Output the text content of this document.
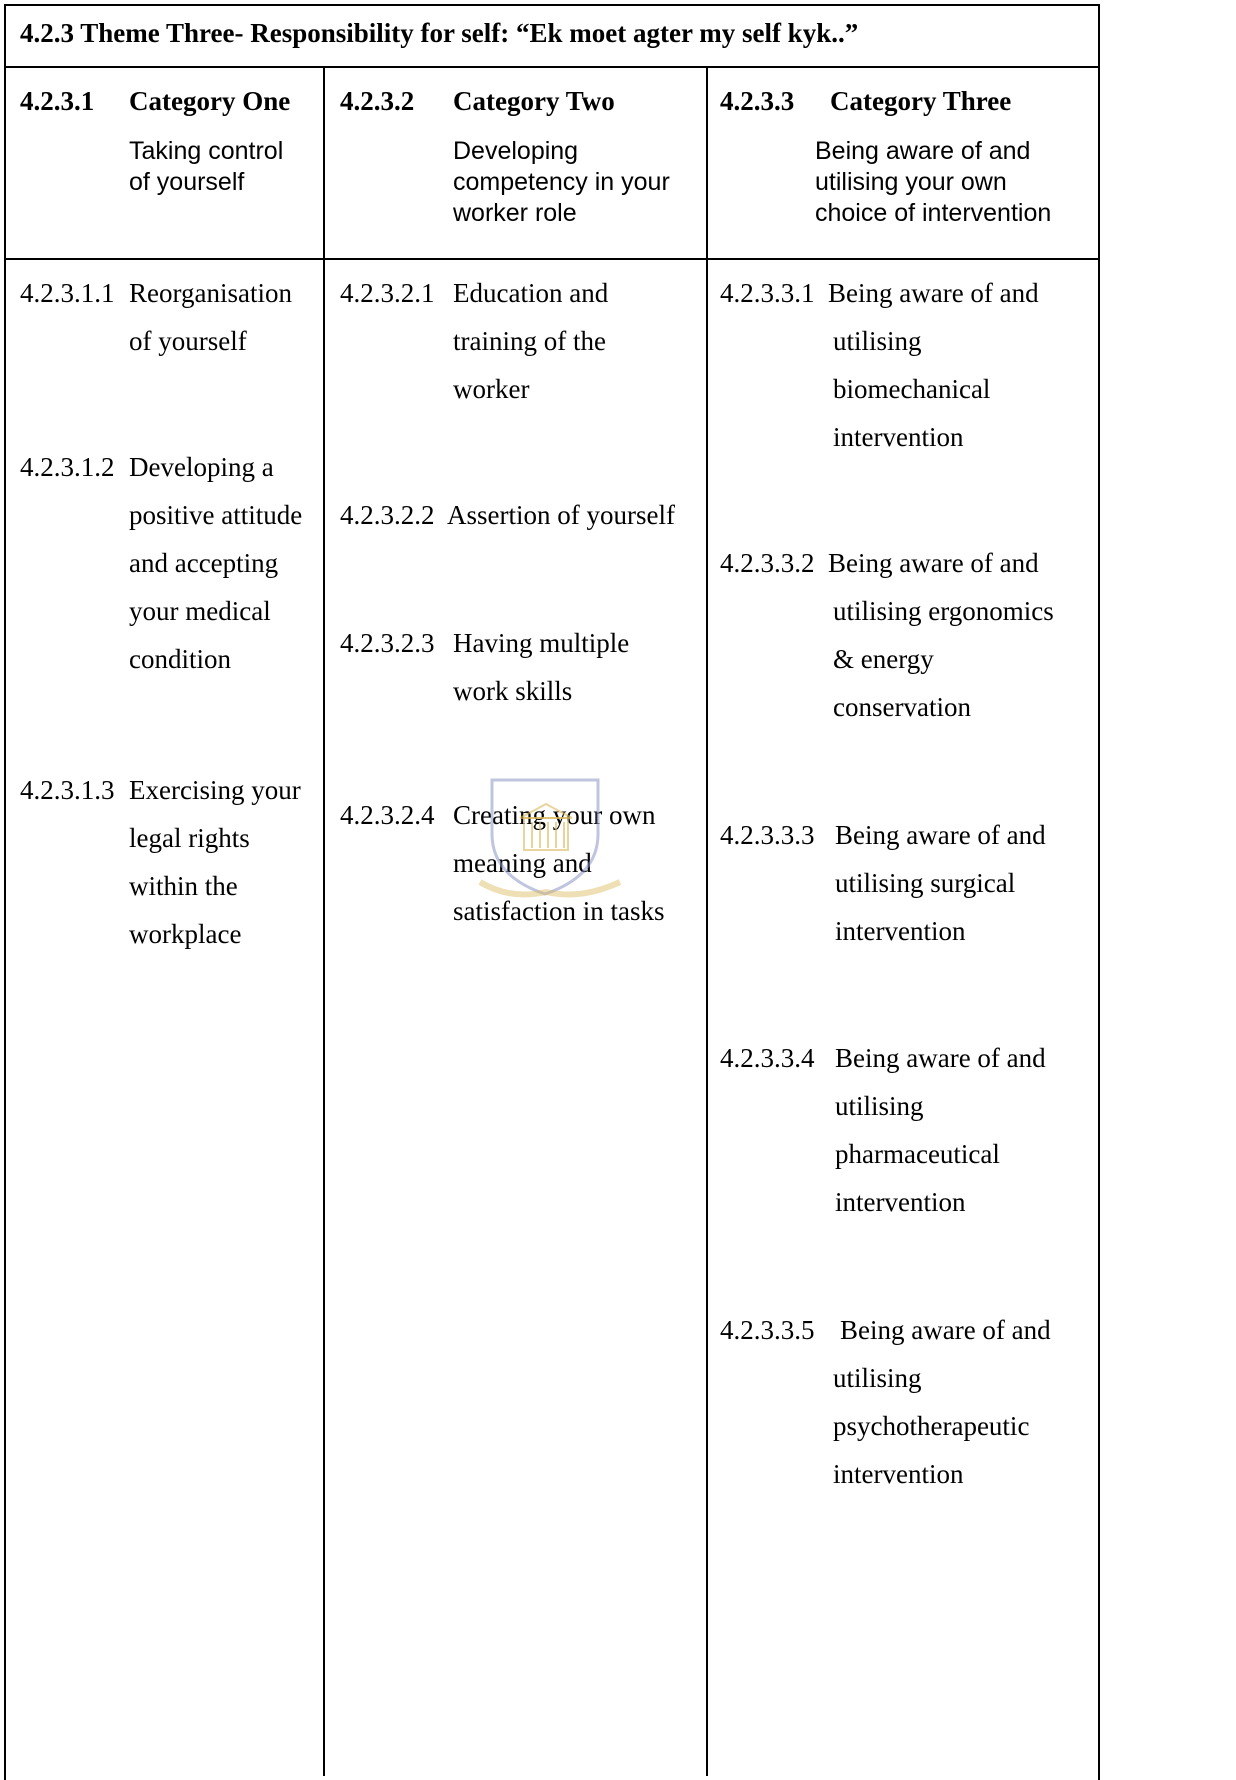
4.2.3 Theme Three- Responsibility for self: “Ek moet agter my self kyk..”
4.2.3.1 Category One
Taking control
of yourself
4.2.3.2 Category Two
Developing
competency in your
worker role
4.2.3.3 Category Three
Being aware of and
utilising your own
choice of intervention
4.2.3.1.1 Reorganisation
of yourself
4.2.3.1.2 Developing a
positive attitude
and accepting
your medical
condition
4.2.3.1.3 Exercising your
legal rights
within the
workplace
4.2.3.2.1 Education and
training of the
worker
4.2.3.2.2 Assertion of yourself
4.2.3.2.3 Having multiple
work skills
4.2.3.2.4 Creating your own
meaning and
satisfaction in tasks
4.2.3.3.1 Being aware of and
utilising
biomechanical
intervention
4.2.3.3.2 Being aware of and
utilising ergonomics
& energy
conservation
4.2.3.3.3 Being aware of and
utilising surgical
intervention
4.2.3.3.4 Being aware of and
utilising
pharmaceutical
intervention
4.2.3.3.5 Being aware of and
utilising
psychotherapeutic
intervention
